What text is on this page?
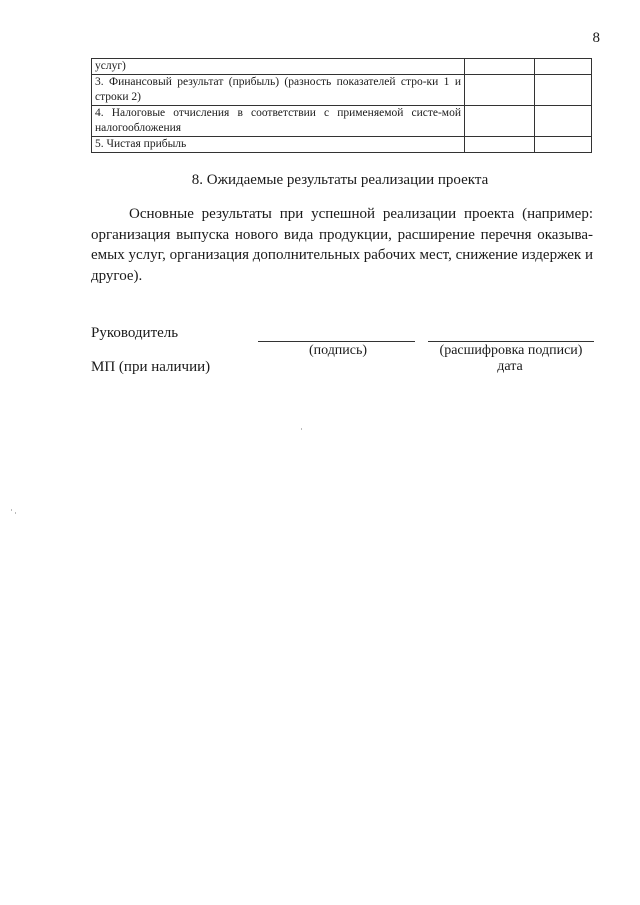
8
услуг)		
3. Финансовый результат (прибыль) (разность показателей стро-ки 1 и строки 2)		
4. Налоговые отчисления в соответствии с применяемой систе-мой налогообложения		
5. Чистая прибыль		
8. Ожидаемые результаты реализации проекта

Основные результаты при успешной реализации проекта (например: организация выпуска нового вида продукции, расширение перечня оказыва-емых услуг, организация дополнительных рабочих мест, снижение издержек и другое).

Руководитель
(подпись)	(расшифровка подписи)
МП (при наличии)	дата
